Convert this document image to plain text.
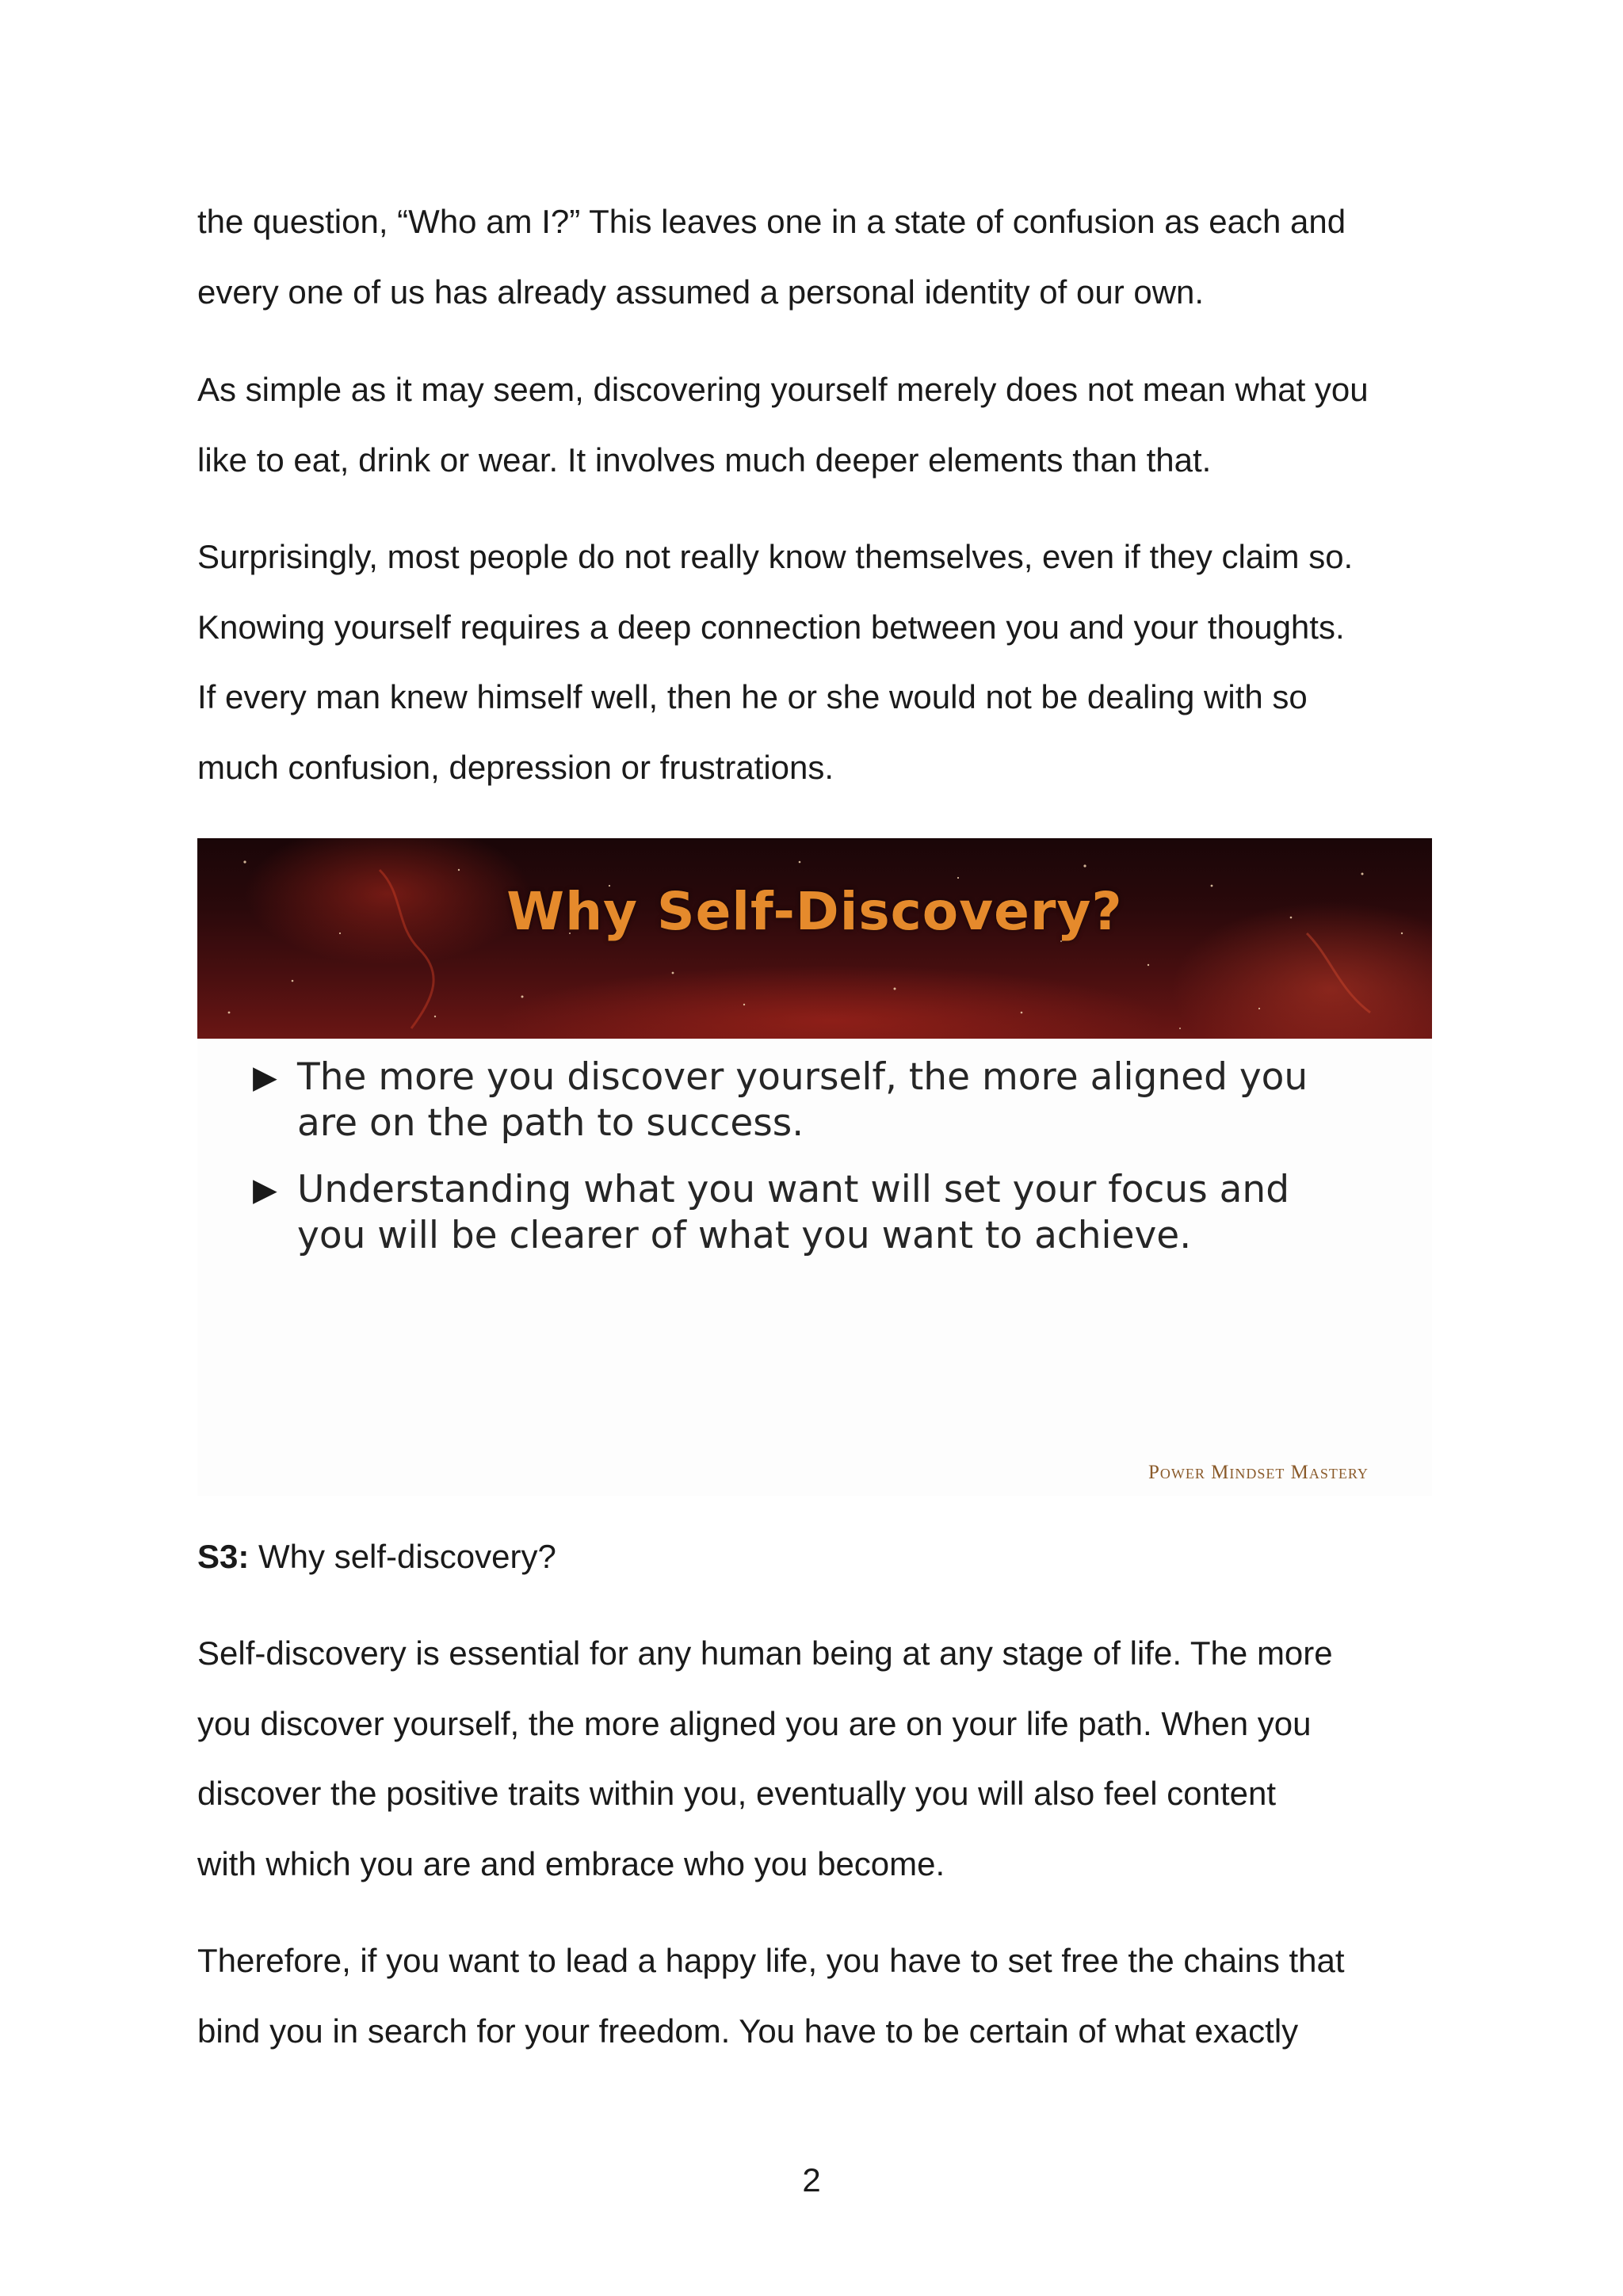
the question, “Who am I?” This leaves one in a state of confusion as each and
every one of us has already assumed a personal identity of our own.

As simple as it may seem, discovering yourself merely does not mean what you
like to eat, drink or wear. It involves much deeper elements than that.

Surprisingly, most people do not really know themselves, even if they claim so.
Knowing yourself requires a deep connection between you and your thoughts.
If every man knew himself well, then he or she would not be dealing with so
much confusion, depression or frustrations.

Why Self-Discovery?
▶ The more you discover yourself, the more aligned you
are on the path to success.
▶ Understanding what you want will set your focus and
you will be clearer of what you want to achieve.
Power Mindset Mastery
S3: Why self-discovery?

Self-discovery is essential for any human being at any stage of life. The more
you discover yourself, the more aligned you are on your life path. When you
discover the positive traits within you, eventually you will also feel content
with which you are and embrace who you become.

Therefore, if you want to lead a happy life, you have to set free the chains that
bind you in search for your freedom. You have to be certain of what exactly

2
